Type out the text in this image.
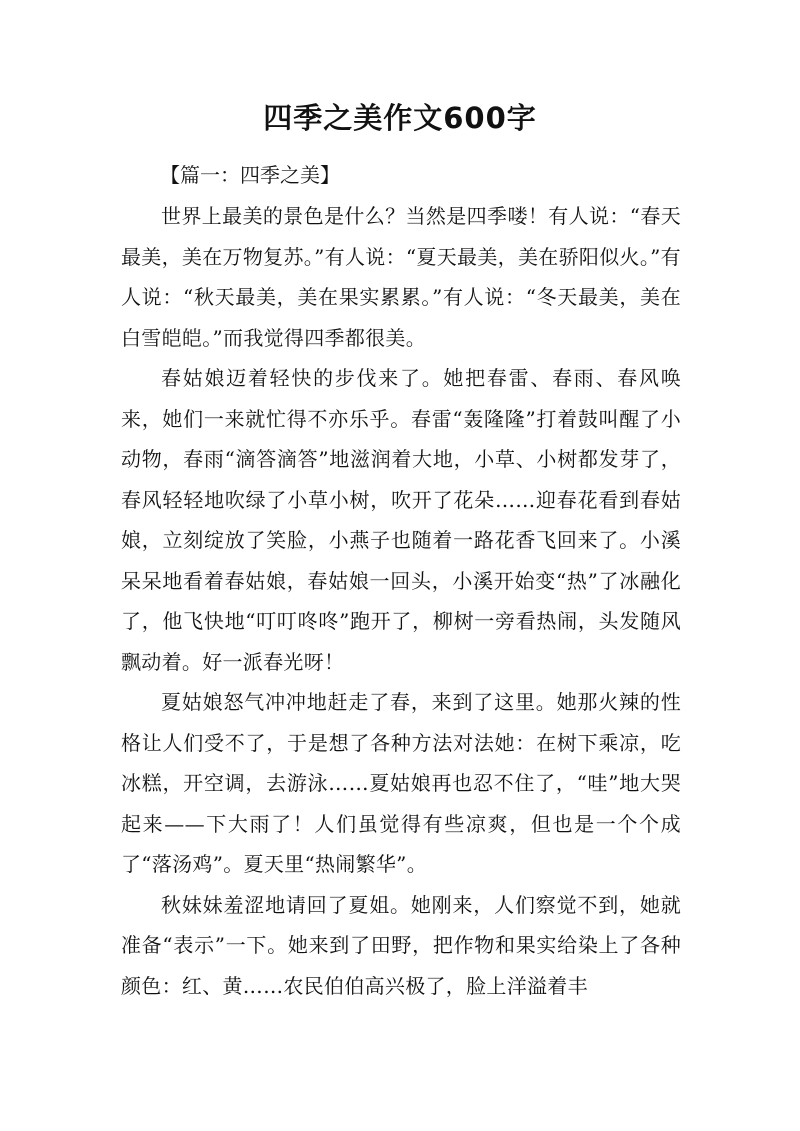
四季之美作文600字
【篇一：四季之美】

世界上最美的景色是什么？当然是四季喽！有人说：“春天最美，美在万物复苏。”有人说：“夏天最美，美在骄阳似火。”有人说：“秋天最美，美在果实累累。”有人说：“冬天最美，美在白雪皑皑。”而我觉得四季都很美。

春姑娘迈着轻快的步伐来了。她把春雷、春雨、春风唤来，她们一来就忙得不亦乐乎。春雷“轰隆隆”打着鼓叫醒了小动物，春雨“滴答滴答”地滋润着大地，小草、小树都发芽了，春风轻轻地吹绿了小草小树，吹开了花朵……迎春花看到春姑娘，立刻绽放了笑脸，小燕子也随着一路花香飞回来了。小溪呆呆地看着春姑娘，春姑娘一回头，小溪开始变“热”了冰融化了，他飞快地“叮叮咚咚”跑开了，柳树一旁看热闹，头发随风飘动着。好一派春光呀！

夏姑娘怒气冲冲地赶走了春，来到了这里。她那火辣的性格让人们受不了，于是想了各种方法对法她：在树下乘凉，吃冰糕，开空调，去游泳……夏姑娘再也忍不住了，“哇”地大哭起来——下大雨了！人们虽觉得有些凉爽，但也是一个个成了“落汤鸡”。夏天里“热闹繁华”。

秋妹妹羞涩地请回了夏姐。她刚来，人们察觉不到，她就准备“表示”一下。她来到了田野，把作物和果实给染上了各种颜色：红、黄……农民伯伯高兴极了，脸上洋溢着丰
